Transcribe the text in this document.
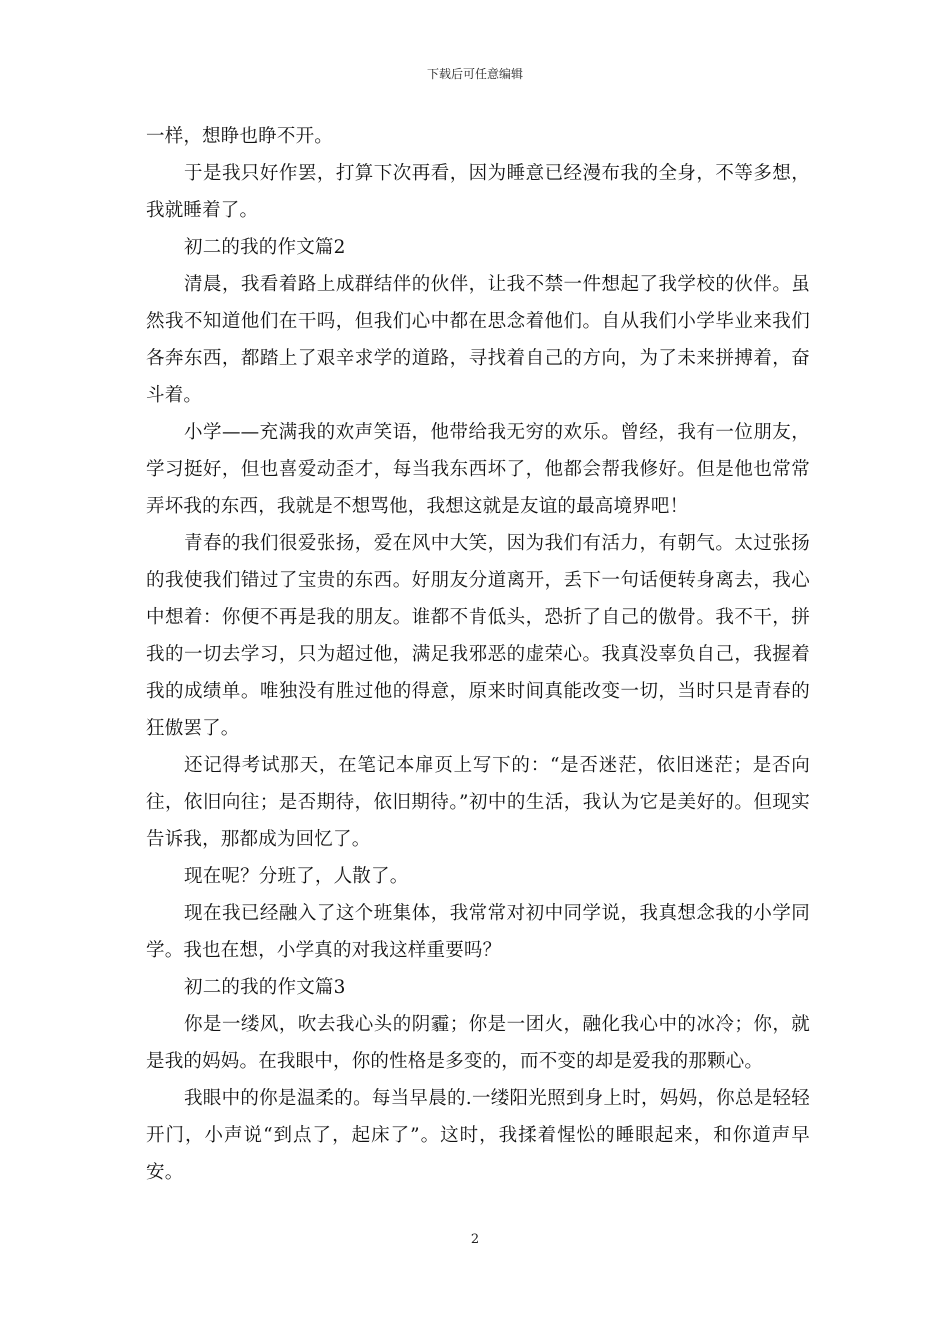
下载后可任意编辑

一样，想睁也睁不开。

于是我只好作罢，打算下次再看，因为睡意已经漫布我的全身，不等多想，我就睡着了。

初二的我的作文篇2

清晨，我看着路上成群结伴的伙伴，让我不禁一件想起了我学校的伙伴。虽然我不知道他们在干吗，但我们心中都在思念着他们。自从我们小学毕业来我们各奔东西，都踏上了艰辛求学的道路，寻找着自己的方向，为了未来拼搏着，奋斗着。

小学——充满我的欢声笑语，他带给我无穷的欢乐。曾经，我有一位朋友，学习挺好，但也喜爱动歪才，每当我东西坏了，他都会帮我修好。但是他也常常弄坏我的东西，我就是不想骂他，我想这就是友谊的最高境界吧！

青春的我们很爱张扬，爱在风中大笑，因为我们有活力，有朝气。太过张扬的我使我们错过了宝贵的东西。好朋友分道离开，丢下一句话便转身离去，我心中想着：你便不再是我的朋友。谁都不肯低头，恐折了自己的傲骨。我不干，拼我的一切去学习，只为超过他，满足我邪恶的虚荣心。我真没辜负自己，我握着我的成绩单。唯独没有胜过他的得意，原来时间真能改变一切，当时只是青春的狂傲罢了。

还记得考试那天，在笔记本扉页上写下的：“是否迷茫，依旧迷茫；是否向往，依旧向往；是否期待，依旧期待。”初中的生活，我认为它是美好的。但现实告诉我，那都成为回忆了。

现在呢？分班了，人散了。

现在我已经融入了这个班集体，我常常对初中同学说，我真想念我的小学同学。我也在想，小学真的对我这样重要吗？

初二的我的作文篇3

你是一缕风，吹去我心头的阴霾；你是一团火，融化我心中的冰冷；你，就是我的妈妈。在我眼中，你的性格是多变的，而不变的却是爱我的那颗心。

我眼中的你是温柔的。每当早晨的.一缕阳光照到身上时，妈妈，你总是轻轻开门，小声说“到点了，起床了”。这时，我揉着惺忪的睡眼起来，和你道声早安。

2
